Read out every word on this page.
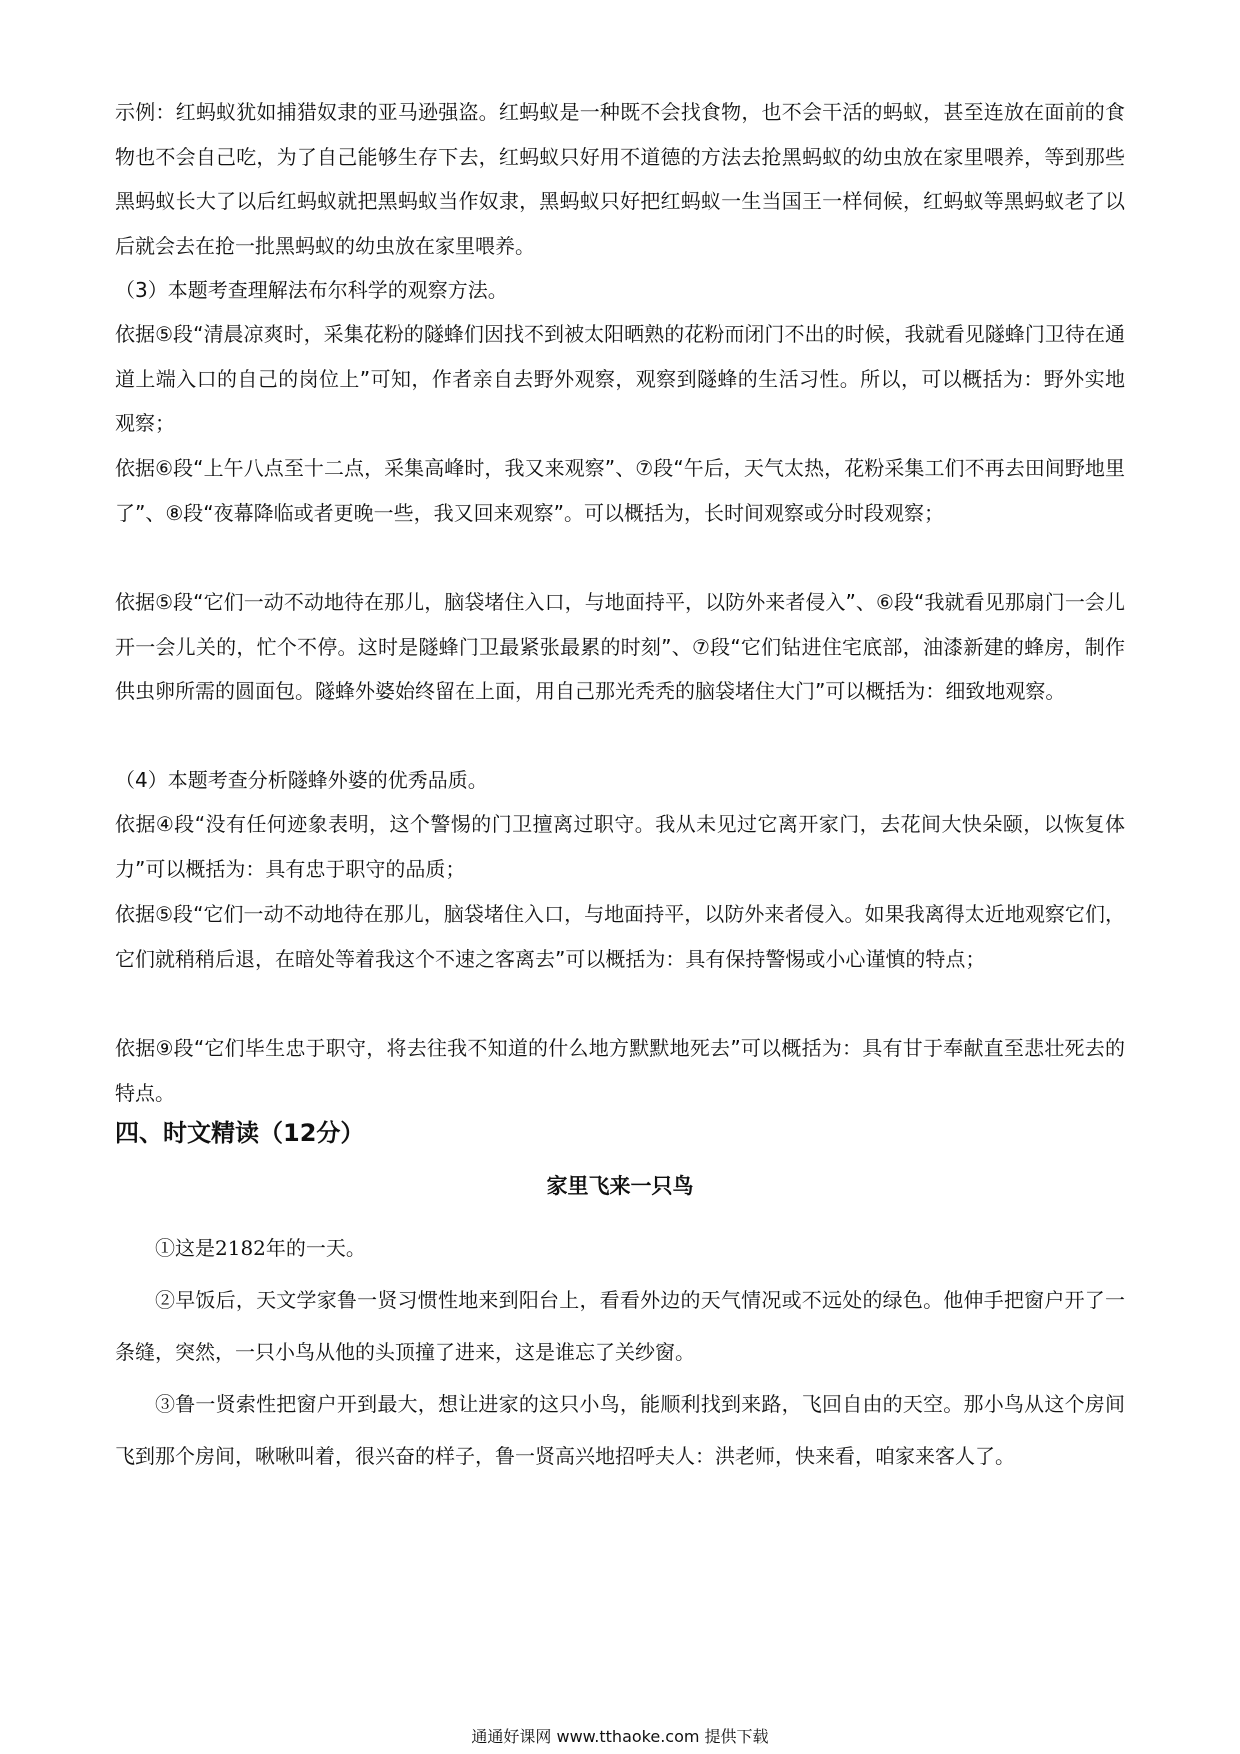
示例：红蚂蚁犹如捕猎奴隶的亚马逊强盗。红蚂蚁是一种既不会找食物，也不会干活的蚂蚁，甚至连放在面前的食物也不会自己吃，为了自己能够生存下去，红蚂蚁只好用不道德的方法去抢黑蚂蚁的幼虫放在家里喂养，等到那些黑蚂蚁长大了以后红蚂蚁就把黑蚂蚁当作奴隶，黑蚂蚁只好把红蚂蚁一生当国王一样伺候，红蚂蚁等黑蚂蚁老了以后就会去在抢一批黑蚂蚁的幼虫放在家里喂养。

（3）本题考查理解法布尔科学的观察方法。

依据⑤段“清晨凉爽时，采集花粉的隧蜂们因找不到被太阳晒熟的花粉而闭门不出的时候，我就看见隧蜂门卫待在通道上端入口的自己的岗位上”可知，作者亲自去野外观察，观察到隧蜂的生活习性。所以，可以概括为：野外实地观察；

依据⑥段“上午八点至十二点，采集高峰时，我又来观察”、⑦段“午后，天气太热，花粉采集工们不再去田间野地里了”、⑧段“夜幕降临或者更晚一些，我又回来观察”。可以概括为，长时间观察或分时段观察；

依据⑤段“它们一动不动地待在那儿，脑袋堵住入口，与地面持平，以防外来者侵入”、⑥段“我就看见那扇门一会儿开一会儿关的，忙个不停。这时是隧蜂门卫最紧张最累的时刻”、⑦段“它们钻进住宅底部，油漆新建的蜂房，制作供虫卵所需的圆面包。隧蜂外婆始终留在上面，用自己那光秃秃的脑袋堵住大门”可以概括为：细致地观察。

（4）本题考查分析隧蜂外婆的优秀品质。

依据④段“没有任何迹象表明，这个警惕的门卫擅离过职守。我从未见过它离开家门，去花间大快朵颐，以恢复体力”可以概括为：具有忠于职守的品质；

依据⑤段“它们一动不动地待在那儿，脑袋堵住入口，与地面持平，以防外来者侵入。如果我离得太近地观察它们，它们就稍稍后退，在暗处等着我这个不速之客离去”可以概括为：具有保持警惕或小心谨慎的特点；

依据⑨段“它们毕生忠于职守，将去往我不知道的什么地方默默地死去”可以概括为：具有甘于奉献直至悲壮死去的特点。

四、时文精读（12分）
家里飞来一只鸟

①这是2182年的一天。

②早饭后，天文学家鲁一贤习惯性地来到阳台上，看看外边的天气情况或不远处的绿色。他伸手把窗户开了一条缝，突然，一只小鸟从他的头顶撞了进来，这是谁忘了关纱窗。

③鲁一贤索性把窗户开到最大，想让进家的这只小鸟，能顺利找到来路，飞回自由的天空。那小鸟从这个房间飞到那个房间，啾啾叫着，很兴奋的样子，鲁一贤高兴地招呼夫人：洪老师，快来看，咱家来客人了。

通通好课网 www.tthaoke.com 提供下载
